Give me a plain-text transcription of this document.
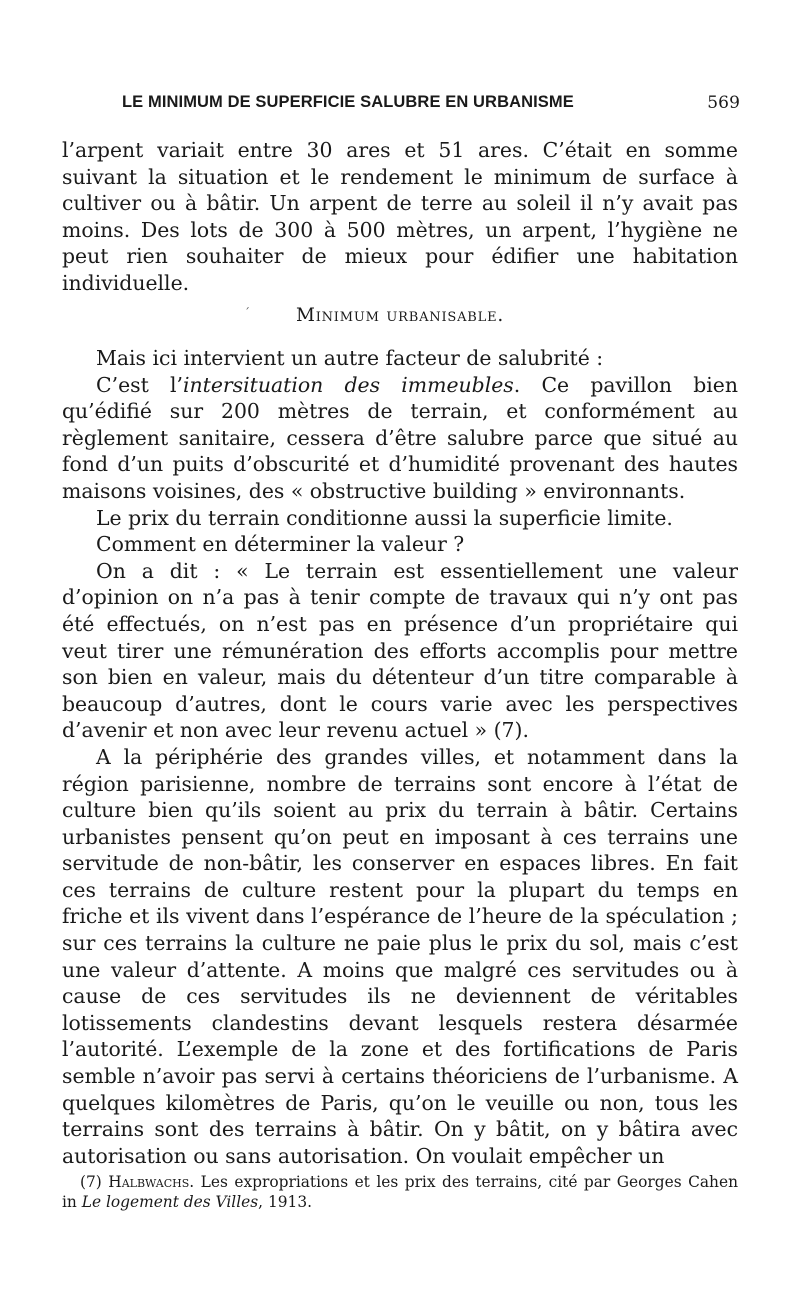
LE MINIMUM DE SUPERFICIE SALUBRE EN URBANISME	569

l’arpent variait entre 30 ares et 51 ares. C’était en somme suivant la situation et le rendement le minimum de surface à cultiver ou à bâtir. Un arpent de terre au soleil il n’y avait pas moins. Des lots de 300 à 500 mètres, un arpent, l’hygiène ne peut rien souhaiter de mieux pour édifier une habitation individuelle.

´	Minimum urbanisable.

Mais ici intervient un autre facteur de salubrité :

C’est l’intersituation des immeubles. Ce pavillon bien qu’édifié sur 200 mètres de terrain, et conformément au règlement sanitaire, cessera d’être salubre parce que situé au fond d’un puits d’obscurité et d’humidité provenant des hautes maisons voisines, des « obstructive building » environnants.

Le prix du terrain conditionne aussi la superficie limite.

Comment en déterminer la valeur ?

On a dit : « Le terrain est essentiellement une valeur d’opinion on n’a pas à tenir compte de travaux qui n’y ont pas été effectués, on n’est pas en présence d’un propriétaire qui veut tirer une rémunération des efforts accomplis pour mettre son bien en valeur, mais du détenteur d’un titre comparable à beaucoup d’autres, dont le cours varie avec les perspectives d’avenir et non avec leur revenu actuel » (7).

A la périphérie des grandes villes, et notamment dans la région parisienne, nombre de terrains sont encore à l’état de culture bien qu’ils soient au prix du terrain à bâtir. Certains urbanistes pensent qu’on peut en imposant à ces terrains une servitude de non-bâtir, les conserver en espaces libres. En fait ces terrains de culture restent pour la plupart du temps en friche et ils vivent dans l’espérance de l’heure de la spéculation ; sur ces terrains la culture ne paie plus le prix du sol, mais c’est une valeur d’attente. A moins que malgré ces servitudes ou à cause de ces servitudes ils ne deviennent de véritables lotissements clandestins devant lesquels restera désarmée l’autorité. L’exemple de la zone et des fortifications de Paris semble n’avoir pas servi à certains théoriciens de l’urbanisme. A quelques kilomètres de Paris, qu’on le veuille ou non, tous les terrains sont des terrains à bâtir. On y bâtit, on y bâtira avec autorisation ou sans autorisation. On voulait empêcher un

(7) Halbwachs. Les expropriations et les prix des terrains, cité par Georges Cahen in Le logement des Villes, 1913.
